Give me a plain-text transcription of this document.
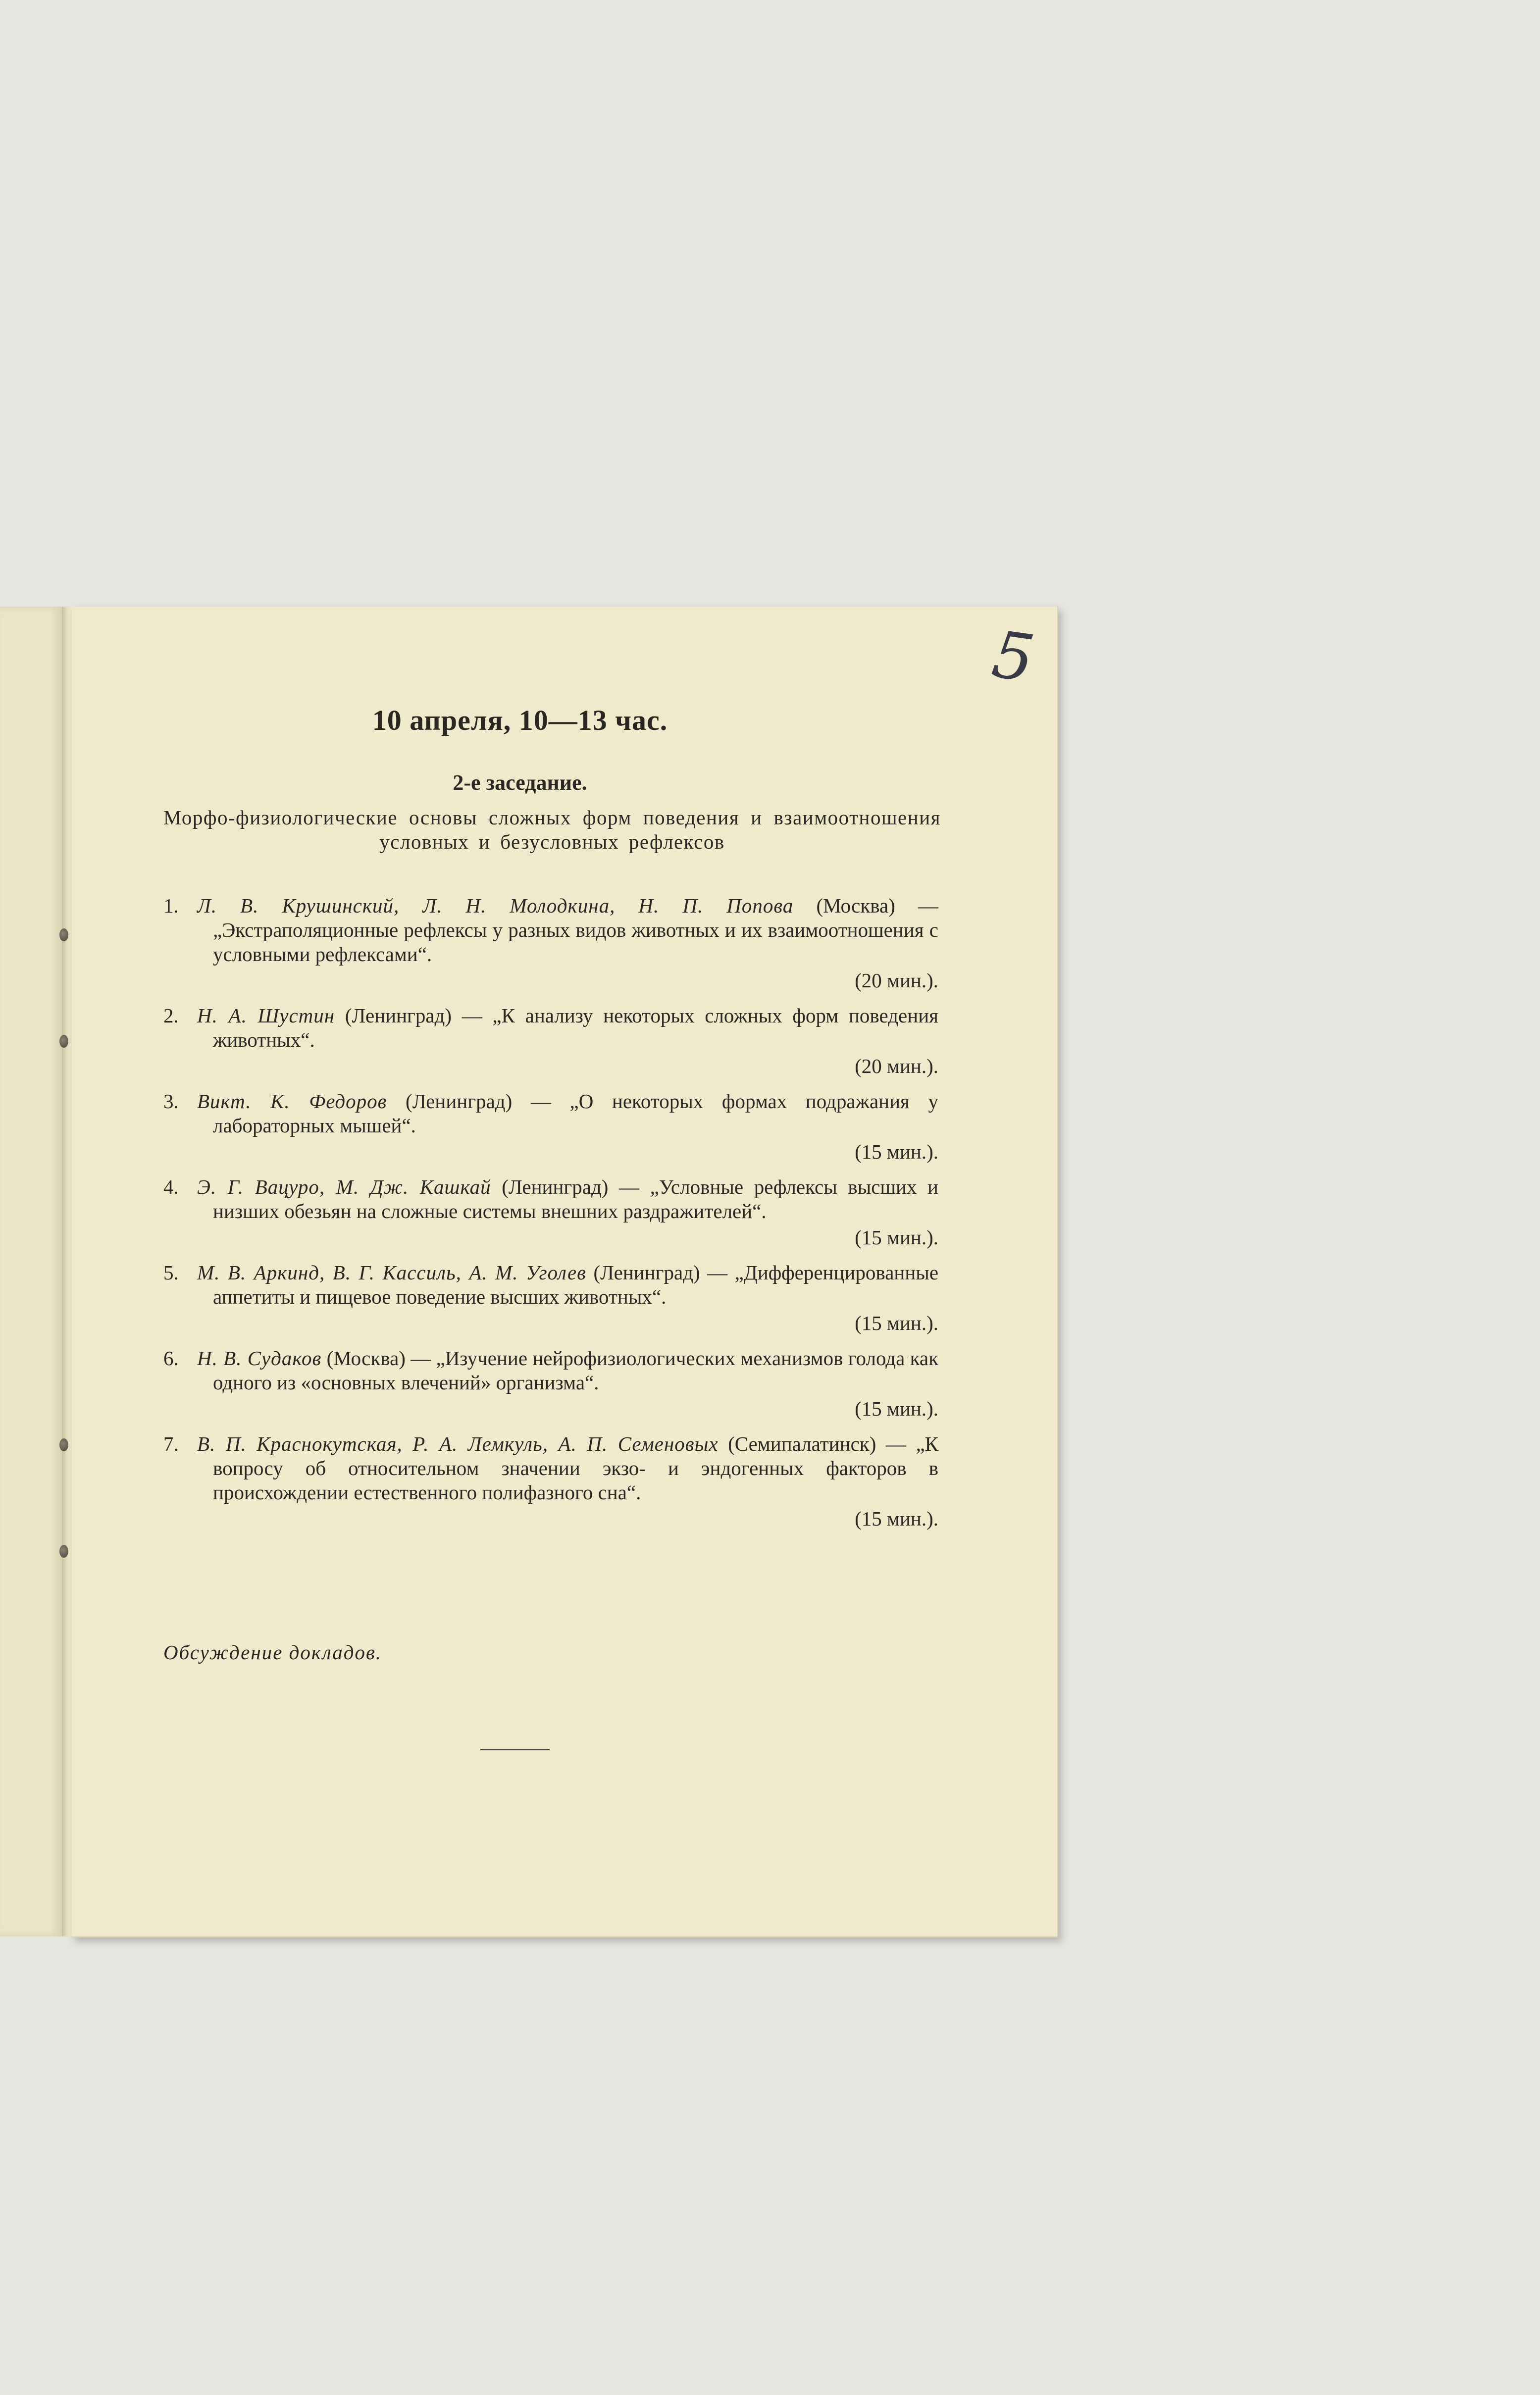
5
10 апреля, 10—13 час.
2-е заседание.
Морфо-физиологические основы сложных форм поведения и взаимоотношения условных и безусловных рефлексов
1. Л. В. Крушинский, Л. Н. Молодкина, Н. П. Попова (Москва) — „Экстраполяционные рефлексы у разных видов животных и их взаимоотношения с условными рефлексами“.
(20 мин.).
2. Н. А. Шустин (Ленинград) — „К анализу некоторых сложных форм поведения животных“.
(20 мин.).
3. Викт. К. Федоров (Ленинград) — „О некоторых формах подражания у лабораторных мышей“.
(15 мин.).
4. Э. Г. Вацуро, М. Дж. Кашкай (Ленинград) — „Условные рефлексы высших и низших обезьян на сложные системы внешних раздражителей“.
(15 мин.).
5. М. В. Аркинд, В. Г. Кассиль, А. М. Уголев (Ленинград) — „Дифференцированные аппетиты и пищевое поведение высших животных“.
(15 мин.).
6. Н. В. Судаков (Москва) — „Изучение нейрофизиологических механизмов голода как одного из «основных влечений» организма“.
(15 мин.).
7. В. П. Краснокутская, Р. А. Лемкуль, А. П. Семеновых (Семипалатинск) — „К вопросу об относительном значении экзо- и эндогенных факторов в происхождении естественного полифазного сна“.
(15 мин.).
Обсуждение докладов.
